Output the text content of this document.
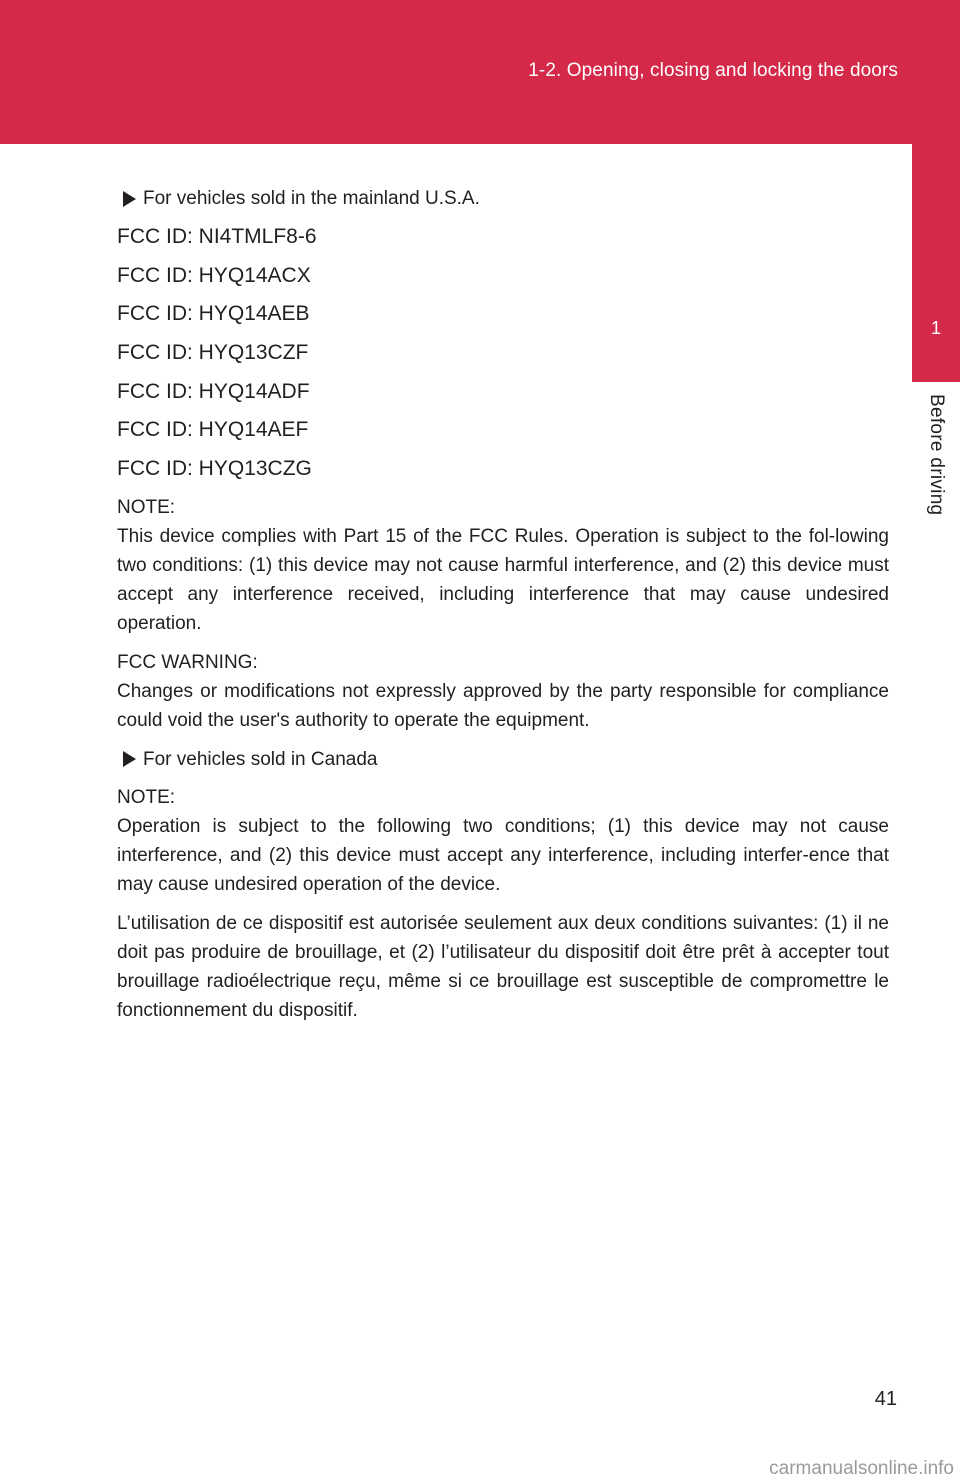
1-2. Opening, closing and locking the doors
1
Before driving
For vehicles sold in the mainland U.S.A.
FCC ID: NI4TMLF8-6
FCC ID: HYQ14ACX
FCC ID: HYQ14AEB
FCC ID: HYQ13CZF
FCC ID: HYQ14ADF
FCC ID: HYQ14AEF
FCC ID: HYQ13CZG

NOTE:

This device complies with Part 15 of the FCC Rules. Operation is subject to the fol-lowing two conditions: (1) this device may not cause harmful interference, and (2) this device must accept any interference received, including interference that may cause undesired operation.

FCC WARNING:

Changes or modifications not expressly approved by the party responsible for compliance could void the user's authority to operate the equipment.

For vehicles sold in Canada

NOTE:

Operation is subject to the following two conditions; (1) this device may not cause interference, and (2) this device must accept any interference, including interfer-ence that may cause undesired operation of the device.

L’utilisation de ce dispositif est autorisée seulement aux deux conditions suivantes: (1) il ne doit pas produire de brouillage, et (2) l’utilisateur du dispositif doit être prêt à accepter tout brouillage radioélectrique reçu, même si ce brouillage est susceptible de compromettre le fonctionnement du dispositif.

41
carmanualsonline.info
